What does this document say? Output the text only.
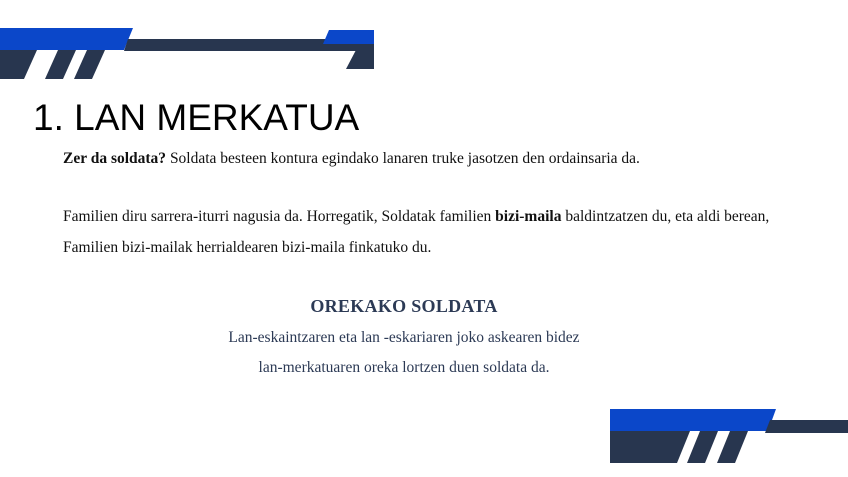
1. LAN MERKATUA

Zer da soldata? Soldata besteen kontura egindako lanaren truke jasotzen den ordainsaria da.

Familien diru sarrera-iturri nagusia da. Horregatik, Soldatak familien bizi-maila baldintzatzen du, eta aldi berean, Familien bizi-mailak herrialdearen bizi-maila finkatuko du.

OREKAKO SOLDATA
Lan-eskaintzaren eta lan -eskariaren joko askearen bidez
lan-merkatuaren oreka lortzen duen soldata da.
